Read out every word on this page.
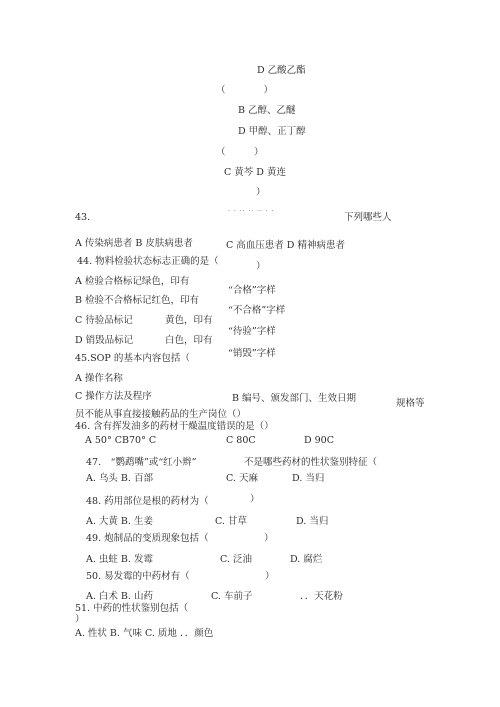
D 乙酸乙酯
（　　　　）
B 乙醇、乙醚
D 甲醇、正丁醇
（　　　）
C 黄芩 D 黄连
）
· · ·· ·· ·· · ·
43.	下列哪些人
A 传染病患者 B 皮肤病患者	C 高血压患者 D 精神病患者
44. 物料检验状态标志正确的是（	）
A 检验合格标记绿色，印有
“合格”字样
B 检验不合格标记红色，印有
“不合格”字样
C 待验品标记	黄色，印有
“待验”字样
D 销毁品标记	白色，印有
“销毁”字样
45.SOP 的基本内容包括（
A 操作名称
C 操作方法及程序	B 编号、颁发部门、生效日期	规格等
员不能从事直接接触药品的生产岗位（）
46. 含有挥发油多的药材干燥温度错误的是（）
A 50° CB70° C	C 80C	D 90C
47.　“鹦鹉嘴”或“红小辫”	不是哪些药材的性状鉴别特征（
A. 乌头 B. 百部	C. 天麻	D. 当归
48. 药用部位是根的药材为（	）
A. 大黄 B. 生姜	C. 甘草	D. 当归
49. 炮制品的变质现象包括（	）
A. 虫蛀 B. 发霉	C. 泛油	D. 腐烂
50. 易发霉的中药材有（	）
A. 白术 B. 山药	C. 车前子	．．天花粉
51. 中药的性状鉴别包括（
）
A. 性状 B. 气味 C. 质地 ．．颜色
